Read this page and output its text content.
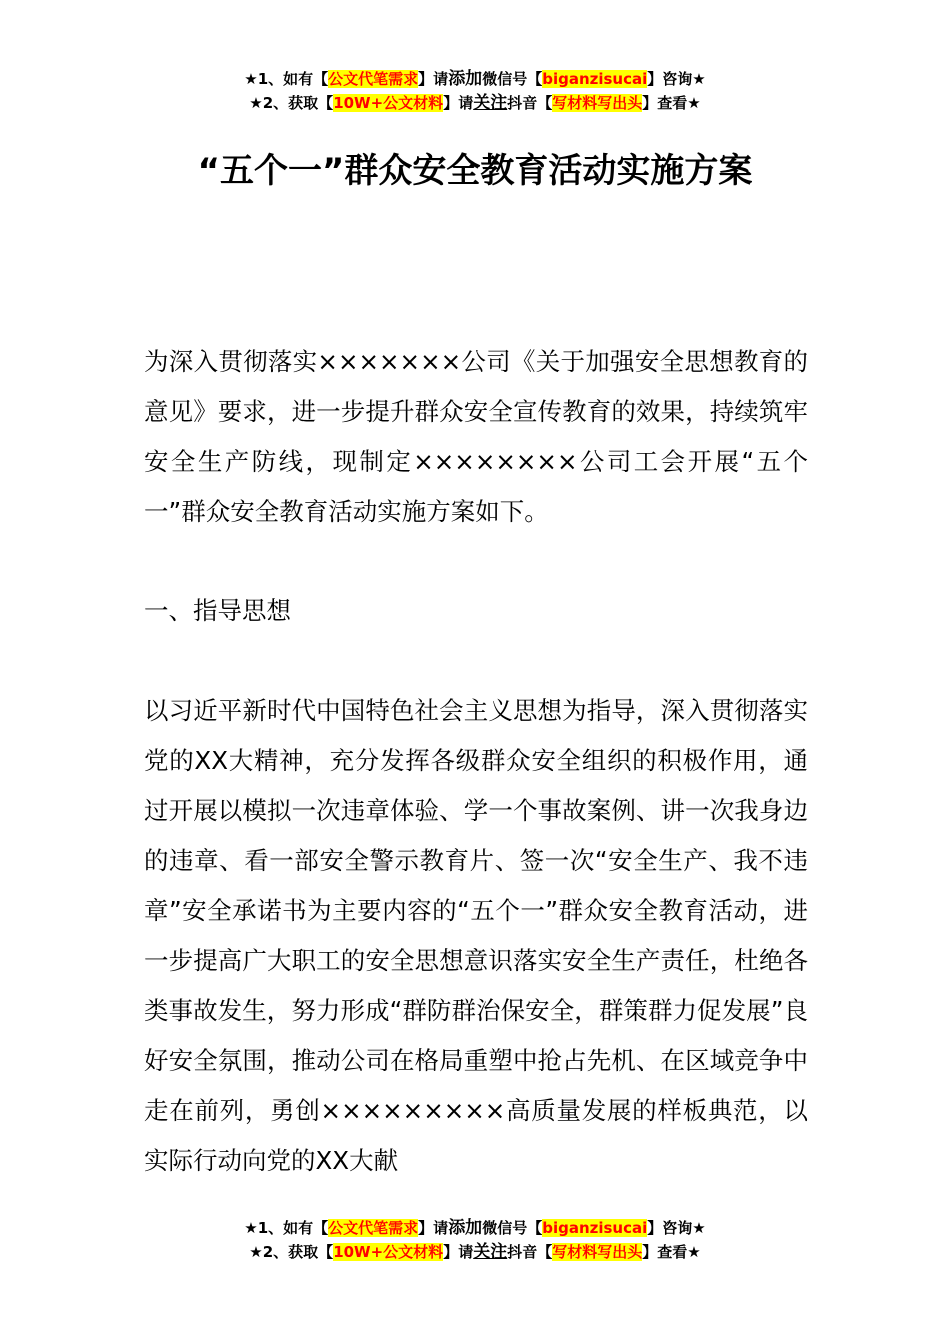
★1、如有【公文代笔需求】请添加微信号【biganzisucai】咨询★
★2、获取【10W+公文材料】请关注抖音【写材料写出头】查看★
“五个一”群众安全教育活动实施方案

为深入贯彻落实×××××××公司《关于加强安全思想教育的意见》要求，进一步提升群众安全宣传教育的效果，持续筑牢安全生产防线，现制定××××××××公司工会开展“五个一”群众安全教育活动实施方案如下。

一、指导思想

以习近平新时代中国特色社会主义思想为指导，深入贯彻落实党的XX大精神，充分发挥各级群众安全组织的积极作用，通过开展以模拟一次违章体验、学一个事故案例、讲一次我身边的违章、看一部安全警示教育片、签一次“安全生产、我不违章”安全承诺书为主要内容的“五个一”群众安全教育活动，进一步提高广大职工的安全思想意识落实安全生产责任，杜绝各类事故发生，努力形成“群防群治保安全，群策群力促发展”良好安全氛围，推动公司在格局重塑中抢占先机、在区域竞争中走在前列，勇创×××××××××高质量发展的样板典范，以实际行动向党的XX大献

★1、如有【公文代笔需求】请添加微信号【biganzisucai】咨询★
★2、获取【10W+公文材料】请关注抖音【写材料写出头】查看★
